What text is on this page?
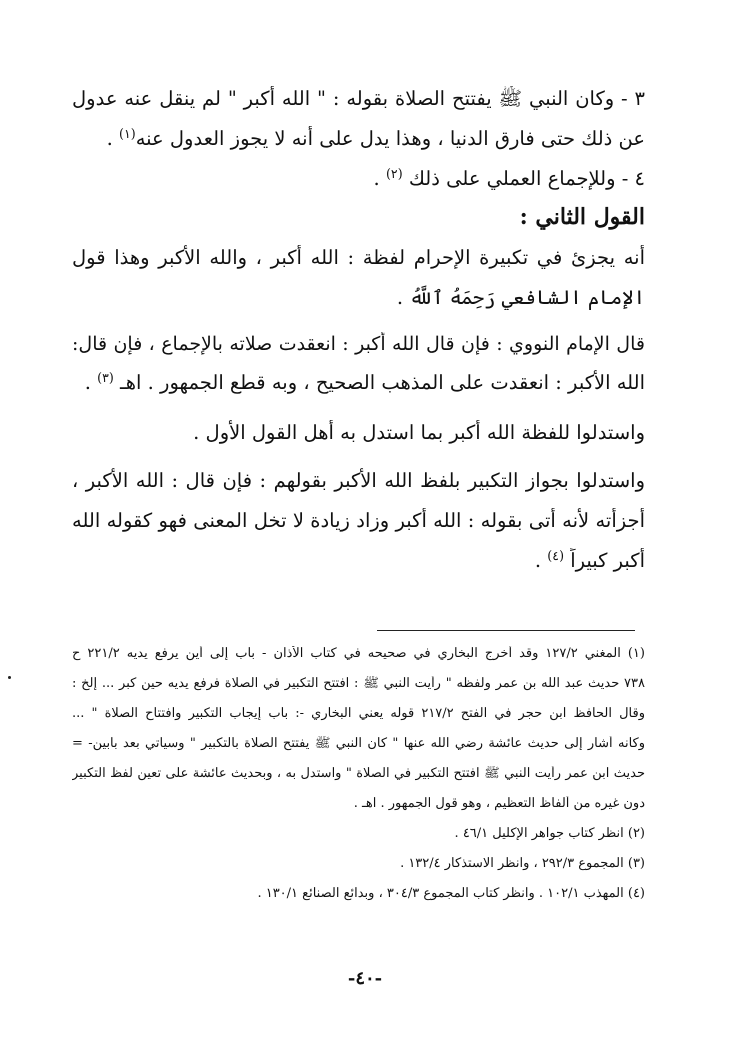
٣ - وكان النبي ﷺ يفتتح الصلاة بقوله : " الله أكبر " لم ينقل عنه عدول
عن ذلك حتى فارق الدنيا ، وهذا يدل على أنه لا يجوز العدول عنه$^{(١)}$ .
٤ - وللإجماع العملي على ذلك $^{(٢)}$ .
القول الثاني :
أنه يجزئ في تكبيرة الإحرام لفظة : الله أكبر ، والله الأكبر وهذا قول
الإمام الشافعي رَحِمَهُ ٱللَّهُ .
قال الإمام النووي : فإن قال الله أكبر : انعقدت صلاته بالإجماع ، فإن قال:
الله الأكبر : انعقدت على المذهب الصحيح ، وبه قطع الجمهور . اهـ $^{(٣)}$ .
واستدلوا للفظة الله أكبر بما استدل به أهل القول الأول .
واستدلوا بجواز التكبير بلفظ الله الأكبر بقولهم : فإن قال : الله الأكبر ،
أجزأته لأنه أتى بقوله : الله أكبر وزاد زيادة لا تخل المعنى فهو كقوله الله
أكبر كبيراً $^{(٤)}$ .
(١) المغني ١٢٧/٢ وقد أخرج البخاري في صحيحه في كتاب الأذان - باب إلى أين يرفع يديه ٢٢١/٢ ح
٧٣٨ حديث عبد الله بن عمر ولفظه " رأيت النبي ﷺ : افتتح التكبير في الصلاة فرفع يديه حين كبر ... إلخ :
وقال الحافظ ابن حجر في الفتح ٢١٧/٢ قوله يعني البخاري -: باب إيجاب التكبير وافتتاح الصلاة " ...
وكأنه أشار إلى حديث عائشة رضي الله عنها " كان النبي ﷺ يفتتح الصلاة بالتكبير " وسيأتي بعد بابين- =
حديث ابن عمر رأيت النبي ﷺ افتتح التكبير في الصلاة " واستدل به ، وبحديث عائشة على تعين لفظ التكبير
دون غيره من ألفاظ التعظيم ، وهو قول الجمهور . اهـ .
(٢) انظر كتاب جواهر الإكليل ٤٦/١ .
(٣) المجموع ٢٩٢/٣ ، وانظر الاستذكار ١٣٢/٤ .
(٤) المهذب ١٠٢/١ . وانظر كتاب المجموع ٣٠٤/٣ ، وبدائع الصنائع ١٣٠/١ .
-٤٠-
